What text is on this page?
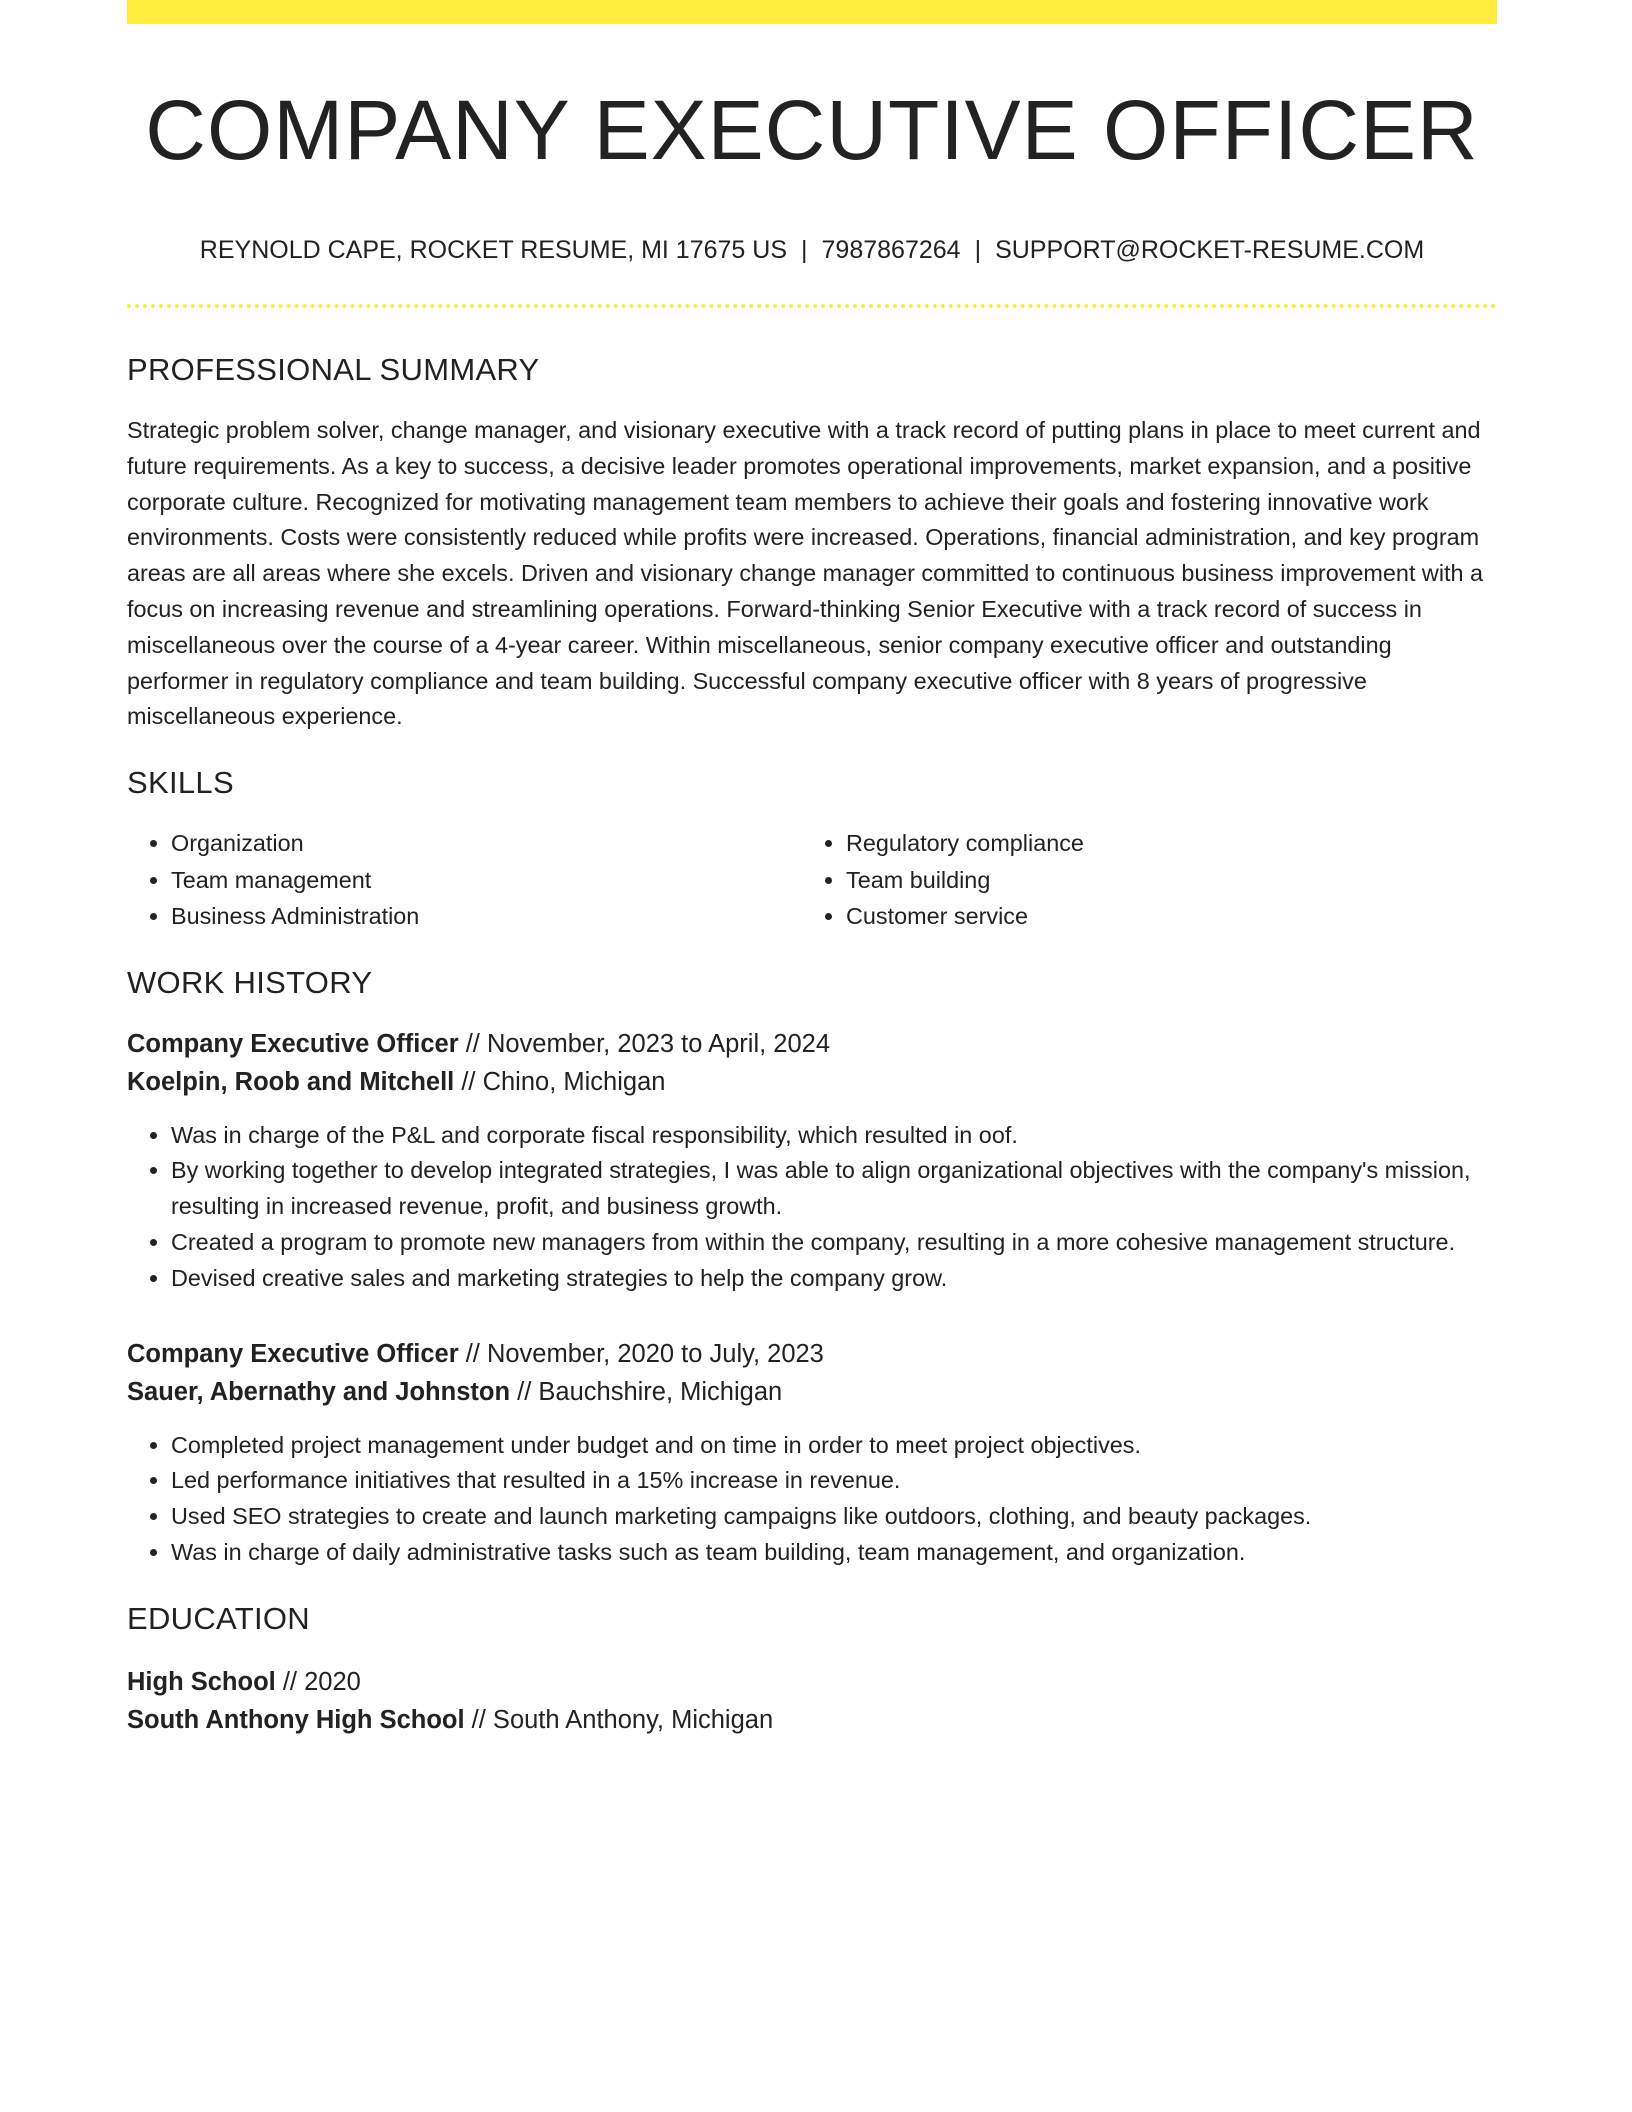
COMPANY EXECUTIVE OFFICER
REYNOLD CAPE, ROCKET RESUME, MI 17675 US | 7987867264 | SUPPORT@ROCKET-RESUME.COM
PROFESSIONAL SUMMARY
Strategic problem solver, change manager, and visionary executive with a track record of putting plans in place to meet current and future requirements. As a key to success, a decisive leader promotes operational improvements, market expansion, and a positive corporate culture. Recognized for motivating management team members to achieve their goals and fostering innovative work environments. Costs were consistently reduced while profits were increased. Operations, financial administration, and key program areas are all areas where she excels. Driven and visionary change manager committed to continuous business improvement with a focus on increasing revenue and streamlining operations. Forward-thinking Senior Executive with a track record of success in miscellaneous over the course of a 4-year career. Within miscellaneous, senior company executive officer and outstanding performer in regulatory compliance and team building. Successful company executive officer with 8 years of progressive miscellaneous experience.
SKILLS
• Organization
• Team management
• Business Administration
• Regulatory compliance
• Team building
• Customer service
WORK HISTORY
Company Executive Officer // November, 2023 to April, 2024
Koelpin, Roob and Mitchell // Chino, Michigan
• Was in charge of the P&L and corporate fiscal responsibility, which resulted in oof.
• By working together to develop integrated strategies, I was able to align organizational objectives with the company's mission, resulting in increased revenue, profit, and business growth.
• Created a program to promote new managers from within the company, resulting in a more cohesive management structure.
• Devised creative sales and marketing strategies to help the company grow.
Company Executive Officer // November, 2020 to July, 2023
Sauer, Abernathy and Johnston // Bauchshire, Michigan
• Completed project management under budget and on time in order to meet project objectives.
• Led performance initiatives that resulted in a 15% increase in revenue.
• Used SEO strategies to create and launch marketing campaigns like outdoors, clothing, and beauty packages.
• Was in charge of daily administrative tasks such as team building, team management, and organization.
EDUCATION
High School // 2020
South Anthony High School // South Anthony, Michigan
